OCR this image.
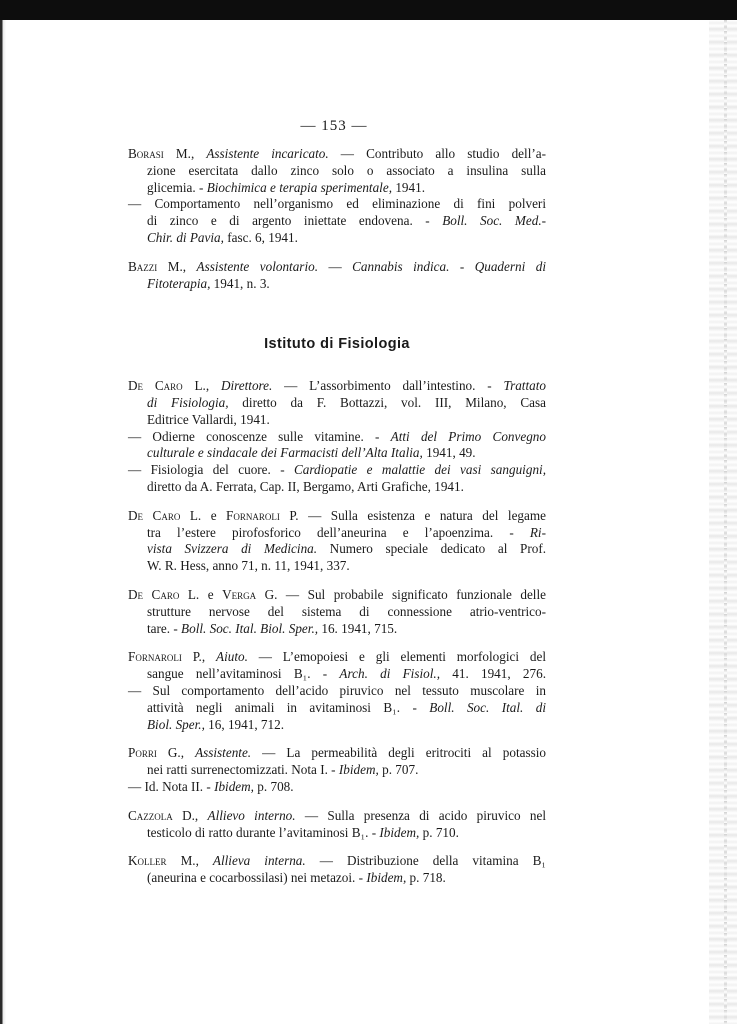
— 153 —
Borasi M., Assistente incaricato. — Contributo allo studio dell’a-
zione esercitata dallo zinco solo o associato a insulina sulla
glicemia. - Biochimica e terapia sperimentale, 1941.
— Comportamento nell’organismo ed eliminazione di fini polveri
di zinco e di argento iniettate endovena. - Boll. Soc. Med.-
Chir. di Pavia, fasc. 6, 1941.
Bazzi M., Assistente volontario. — Cannabis indica. - Quaderni di
Fitoterapia, 1941, n. 3.
Istituto di Fisiologia
De Caro L., Direttore. — L’assorbimento dall’intestino. - Trattato
di Fisiologia, diretto da F. Bottazzi, vol. III, Milano, Casa
Editrice Vallardi, 1941.
— Odierne conoscenze sulle vitamine. - Atti del Primo Convegno
culturale e sindacale dei Farmacisti dell’Alta Italia, 1941, 49.
— Fisiologia del cuore. - Cardiopatie e malattie dei vasi sanguigni,
diretto da A. Ferrata, Cap. II, Bergamo, Arti Grafiche, 1941.
De Caro L. e Fornaroli P. — Sulla esistenza e natura del legame
tra l’estere pirofosforico dell’aneurina e l’apoenzima. - Ri-
vista Svizzera di Medicina. Numero speciale dedicato al Prof.
W. R. Hess, anno 71, n. 11, 1941, 337.
De Caro L. e Verga G. — Sul probabile significato funzionale delle
strutture nervose del sistema di connessione atrio-ventrico-
tare. - Boll. Soc. Ital. Biol. Sper., 16. 1941, 715.
Fornaroli P., Aiuto. — L’emopoiesi e gli elementi morfologici del
sangue nell’avitaminosi B₁. - Arch. di Fisiol., 41. 1941, 276.
— Sul comportamento dell’acido piruvico nel tessuto muscolare in
attività negli animali in avitaminosi B₁. - Boll. Soc. Ital. di
Biol. Sper., 16, 1941, 712.
Porri G., Assistente. — La permeabilità degli eritrociti al potassio
nei ratti surrenectomizzati. Nota I. - Ibidem, p. 707.
— Id. Nota II. - Ibidem, p. 708.
Cazzola D., Allievo interno. — Sulla presenza di acido piruvico nel
testicolo di ratto durante l’avitaminosi B₁. - Ibidem, p. 710.
Koller M., Allieva interna. — Distribuzione della vitamina B₁
(aneurina e cocarbossilasi) nei metazoi. - Ibidem, p. 718.
